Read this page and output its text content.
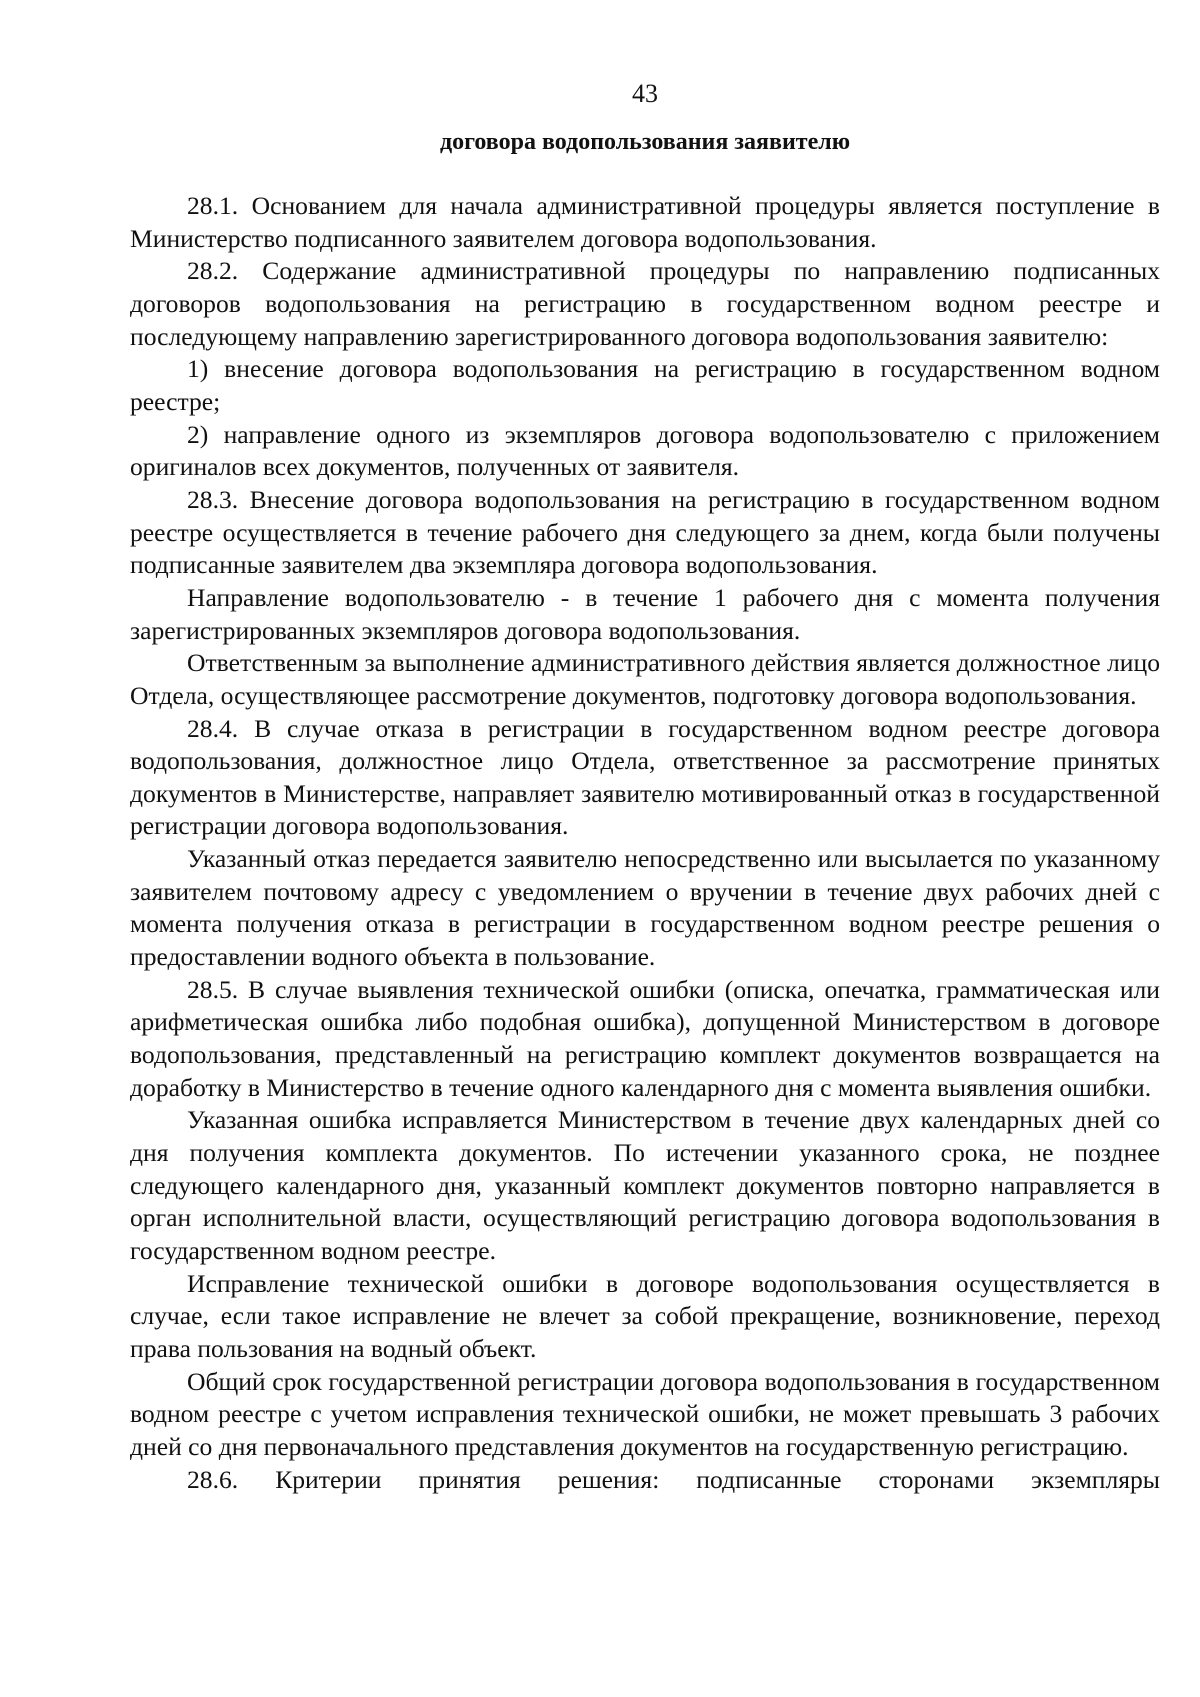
43
договора водопользования заявителю

28.1. Основанием для начала административной процедуры является поступление в Министерство подписанного заявителем договора водопользования.

28.2. Содержание административной процедуры по направлению подписанных договоров водопользования на регистрацию в государственном водном реестре и последующему направлению зарегистрированного договора водопользования заявителю:

1) внесение договора водопользования на регистрацию в государственном водном реестре;

2) направление одного из экземпляров договора водопользователю с приложением оригиналов всех документов, полученных от заявителя.

28.3. Внесение договора водопользования на регистрацию в государственном водном реестре осуществляется в течение рабочего дня следующего за днем, когда были получены подписанные заявителем два экземпляра договора водопользования.

Направление водопользователю - в течение 1 рабочего дня с момента получения зарегистрированных экземпляров договора водопользования.

Ответственным за выполнение административного действия является должностное лицо Отдела, осуществляющее рассмотрение документов, подготовку договора водопользования.

28.4. В случае отказа в регистрации в государственном водном реестре договора водопользования, должностное лицо Отдела, ответственное за рассмотрение принятых документов в Министерстве, направляет заявителю мотивированный отказ в государственной регистрации договора водопользования.

Указанный отказ передается заявителю непосредственно или высылается по указанному заявителем почтовому адресу с уведомлением о вручении в течение двух рабочих дней с момента получения отказа в регистрации в государственном водном реестре решения о предоставлении водного объекта в пользование.

28.5. В случае выявления технической ошибки (описка, опечатка, грамматическая или арифметическая ошибка либо подобная ошибка), допущенной Министерством в договоре водопользования, представленный на регистрацию комплект документов возвращается на доработку в Министерство в течение одного календарного дня с момента выявления ошибки.

Указанная ошибка исправляется Министерством в течение двух календарных дней со дня получения комплекта документов. По истечении указанного срока, не позднее следующего календарного дня, указанный комплект документов повторно направляется в орган исполнительной власти, осуществляющий регистрацию договора водопользования в государственном водном реестре.

Исправление технической ошибки в договоре водопользования осуществляется в случае, если такое исправление не влечет за собой прекращение, возникновение, переход права пользования на водный объект.

Общий срок государственной регистрации договора водопользования в государственном водном реестре с учетом исправления технической ошибки, не может превышать 3 рабочих дней со дня первоначального представления документов на государственную регистрацию.

28.6. Критерии принятия решения: подписанные сторонами экземпляры
